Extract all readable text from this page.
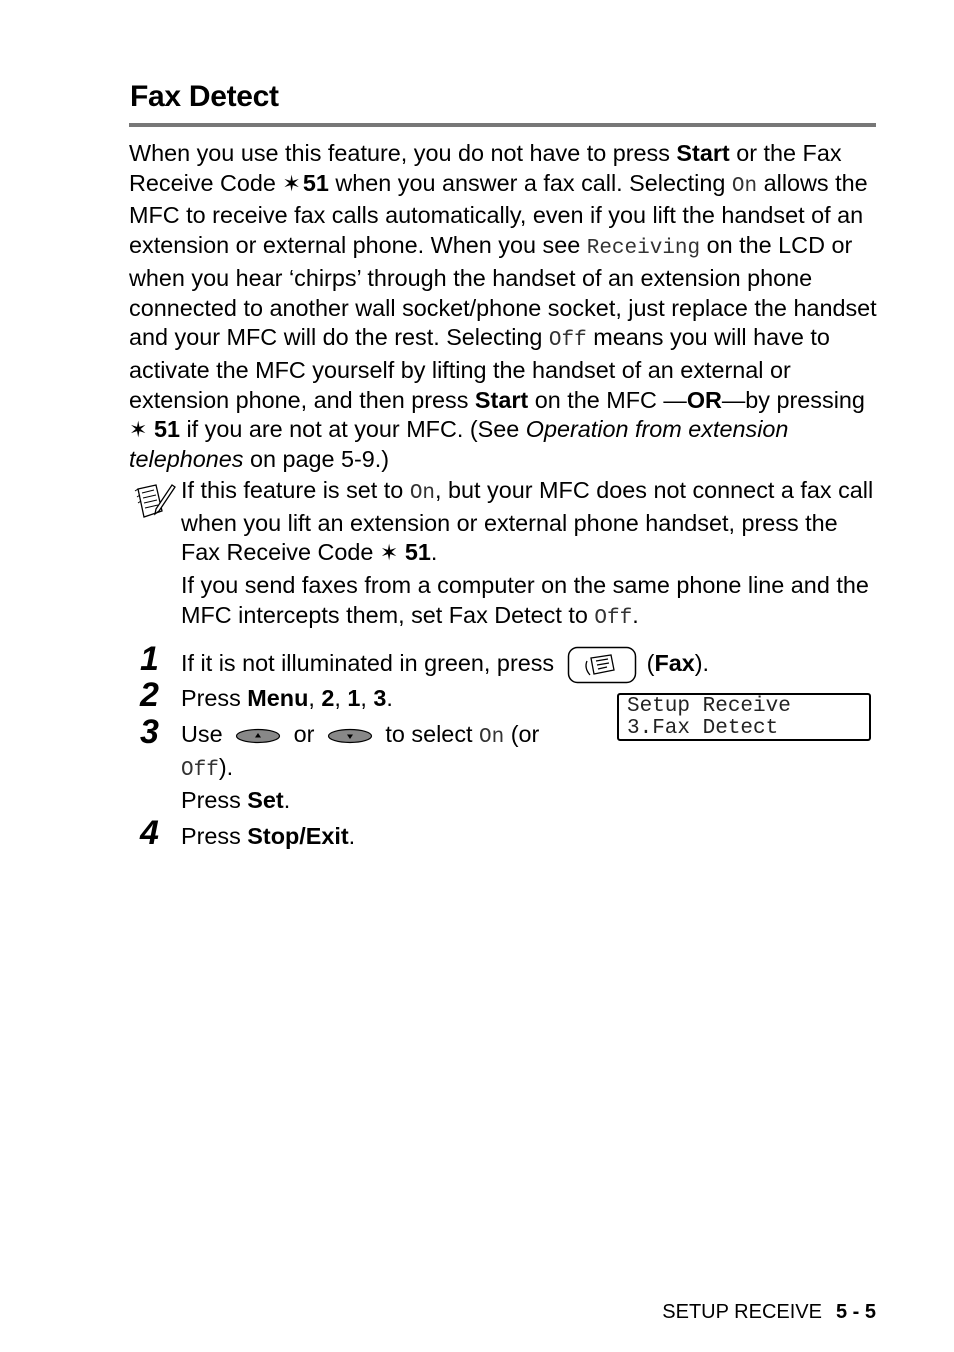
Fax Detect

When you use this feature, you do not have to press Start or the Fax Receive Code ✶ 51 when you answer a fax call. Selecting On allows the MFC to receive fax calls automatically, even if you lift the handset of an extension or external phone. When you see Receiving on the LCD or when you hear ‘chirps’ through the handset of an extension phone connected to another wall socket/phone socket, just replace the handset and your MFC will do the rest. Selecting Off means you will have to activate the MFC yourself by lifting the handset of an external or extension phone, and then press Start on the MFC —OR—by pressing ✶ 51 if you are not at your MFC. (See Operation from extension telephones on page 5-9.)

If this feature is set to On, but your MFC does not connect a fax call when you lift an extension or external phone handset, press the Fax Receive Code ✶ 51.

If you send faxes from a computer on the same phone line and the MFC intercepts them, set Fax Detect to Off.

1 If it is not illuminated in green, press	(Fax).

2 Press Menu, 2, 1, 3.

3 Use  or  to select On (or Off).

Press Set.

4 Press Stop/Exit.

Setup Receive
3.Fax Detect
SETUP RECEIVE 5 - 5
